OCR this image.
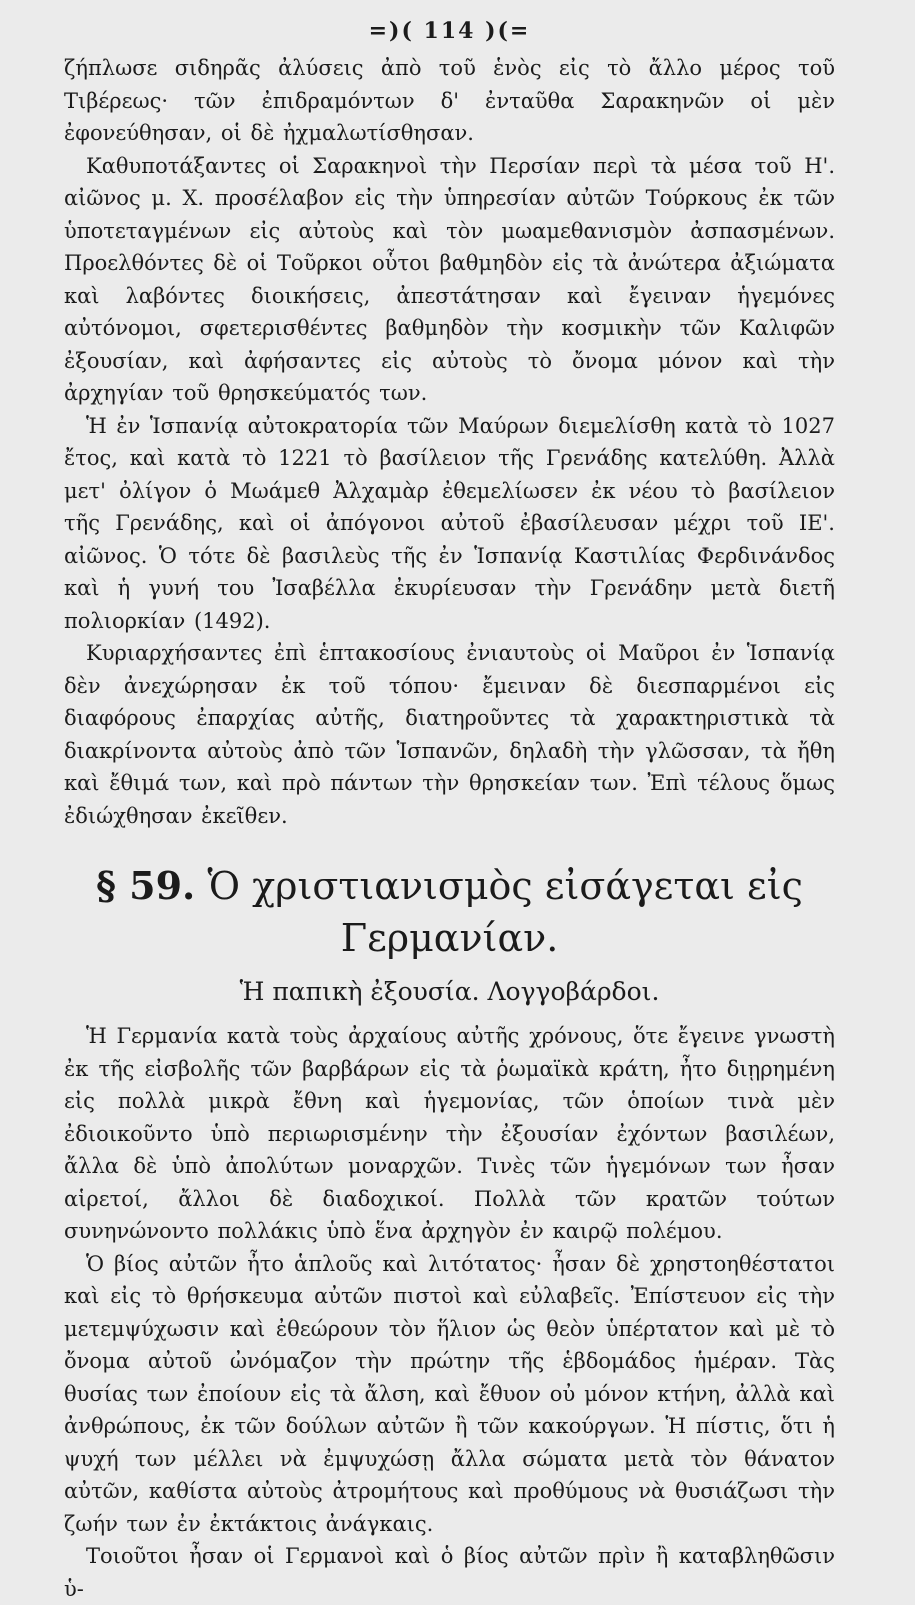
=)( 114 )(=

ζήπλωσε σιδηρᾶς ἀλύσεις ἀπὸ τοῦ ἑνὸς εἰς τὸ ἄλλο μέρος τοῦ Τιβέρεως· τῶν ἐπιδραμόντων δ' ἐνταῦθα Σαρακηνῶν οἱ μὲν ἐφονεύθησαν, οἱ δὲ ἠχμαλωτίσθησαν.

Καθυποτάξαντες οἱ Σαρακηνοὶ τὴν Περσίαν περὶ τὰ μέσα τοῦ Η'. αἰῶνος μ. Χ. προσέλαβον εἰς τὴν ὑπηρεσίαν αὐτῶν Τούρκους ἐκ τῶν ὑποτεταγμένων εἰς αὐτοὺς καὶ τὸν μωαμεθανισμὸν ἀσπασμένων. Προελθόντες δὲ οἱ Τοῦρκοι οὗτοι βαθμηδὸν εἰς τὰ ἀνώτερα ἀξιώματα καὶ λαβόντες διοικήσεις, ἀπεστάτησαν καὶ ἔγειναν ἡγεμόνες αὐτόνομοι, σφετερισθέντες βαθμηδὸν τὴν κοσμικὴν τῶν Καλιφῶν ἐξουσίαν, καὶ ἀφήσαντες εἰς αὐτοὺς τὸ ὄνομα μόνον καὶ τὴν ἀρχηγίαν τοῦ θρησκεύματός των.

Ἡ ἐν Ἱσπανίᾳ αὐτοκρατορία τῶν Μαύρων διεμελίσθη κατὰ τὸ 1027 ἔτος, καὶ κατὰ τὸ 1221 τὸ βασίλειον τῆς Γρενάδης κατελύθη. Ἀλλὰ μετ' ὀλίγον ὁ Μωάμεθ Ἀλχαμὰρ ἐθεμελίωσεν ἐκ νέου τὸ βασίλειον τῆς Γρενάδης, καὶ οἱ ἀπόγονοι αὐτοῦ ἐβασίλευσαν μέχρι τοῦ ΙΕ'. αἰῶνος. Ὁ τότε δὲ βασιλεὺς τῆς ἐν Ἱσπανίᾳ Καστιλίας Φερδινάνδος καὶ ἡ γυνή του Ἰσαβέλλα ἐκυρίευσαν τὴν Γρενάδην μετὰ διετῆ πολιορκίαν (1492).

Κυριαρχήσαντες ἐπὶ ἑπτακοσίους ἐνιαυτοὺς οἱ Μαῦροι ἐν Ἱσπανίᾳ δὲν ἀνεχώρησαν ἐκ τοῦ τόπου· ἔμειναν δὲ διεσπαρμένοι εἰς διαφόρους ἐπαρχίας αὐτῆς, διατηροῦντες τὰ χαρακτηριστικὰ τὰ διακρίνοντα αὐτοὺς ἀπὸ τῶν Ἱσπανῶν, δηλαδὴ τὴν γλῶσσαν, τὰ ἤθη καὶ ἔθιμά των, καὶ πρὸ πάντων τὴν θρησκείαν των. Ἐπὶ τέλους ὅμως ἐδιώχθησαν ἐκεῖθεν.

§ 59. Ὁ χριστιανισμὸς εἰσάγεται εἰς
Γερμανίαν.
Ἡ παπικὴ ἐξουσία. Λογγοβάρδοι.

Ἡ Γερμανία κατὰ τοὺς ἀρχαίους αὐτῆς χρόνους, ὅτε ἔγεινε γνωστὴ ἐκ τῆς εἰσβολῆς τῶν βαρβάρων εἰς τὰ ῥωμαϊκὰ κράτη, ἦτο διῃρημένη εἰς πολλὰ μικρὰ ἔθνη καὶ ἡγεμονίας, τῶν ὁποίων τινὰ μὲν ἐδιοικοῦντο ὑπὸ περιωρισμένην τὴν ἐξουσίαν ἐχόντων βασιλέων, ἄλλα δὲ ὑπὸ ἀπολύτων μοναρχῶν. Τινὲς τῶν ἡγεμόνων των ἦσαν αἱρετοί, ἄλλοι δὲ διαδοχικοί. Πολλὰ τῶν κρατῶν τούτων συνηνώνοντο πολλάκις ὑπὸ ἕνα ἀρχηγὸν ἐν καιρῷ πολέμου.

Ὁ βίος αὐτῶν ἦτο ἁπλοῦς καὶ λιτότατος· ἦσαν δὲ χρηστοηθέστατοι καὶ εἰς τὸ θρήσκευμα αὐτῶν πιστοὶ καὶ εὐλαβεῖς. Ἐπίστευον εἰς τὴν μετεμψύχωσιν καὶ ἐθεώρουν τὸν ἥλιον ὡς θεὸν ὑπέρτατον καὶ μὲ τὸ ὄνομα αὐτοῦ ὠνόμαζον τὴν πρώτην τῆς ἑβδομάδος ἡμέραν. Τὰς θυσίας των ἐποίουν εἰς τὰ ἄλση, καὶ ἔθυον οὐ μόνον κτήνη, ἀλλὰ καὶ ἀνθρώπους, ἐκ τῶν δούλων αὐτῶν ἢ τῶν κακούργων. Ἡ πίστις, ὅτι ἡ ψυχή των μέλλει νὰ ἐμψυχώσῃ ἄλλα σώματα μετὰ τὸν θάνατον αὐτῶν, καθίστα αὐτοὺς ἀτρομήτους καὶ προθύμους νὰ θυσιάζωσι τὴν ζωήν των ἐν ἐκτάκτοις ἀνάγκαις.

Τοιοῦτοι ἦσαν οἱ Γερμανοὶ καὶ ὁ βίος αὐτῶν πρὶν ἢ καταβληθῶσιν ὑ-
